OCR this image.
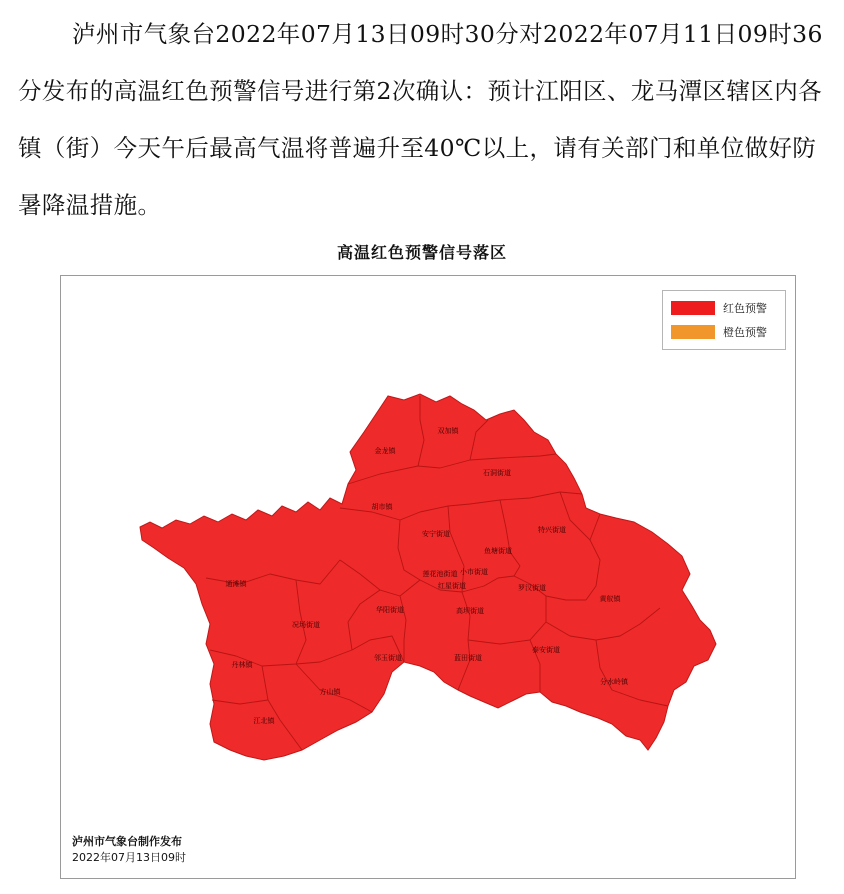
泸州市气象台2022年07月13日09时30分对2022年07月11日09时36分发布的高温红色预警信号进行第2次确认：预计江阳区、龙马潭区辖区内各镇（街）今天午后最高气温将普遍升至40℃以上，请有关部门和单位做好防暑降温措施。

高温红色预警信号落区
双加镇
金龙镇
石洞街道
胡市镇
特兴街道
安宁街道
鱼塘街道
莲花池街道 小市街道
红星街道
通滩镇
黄舣镇
罗汉街道
华阳街道	高坝街道
况场街道
蓝田街道
泰安街道
丹林镇
方山镇
分水岭镇
江北镇
邻玉街道
红色预警
橙色预警
泸州市气象台制作发布
2022年07月13日09时
